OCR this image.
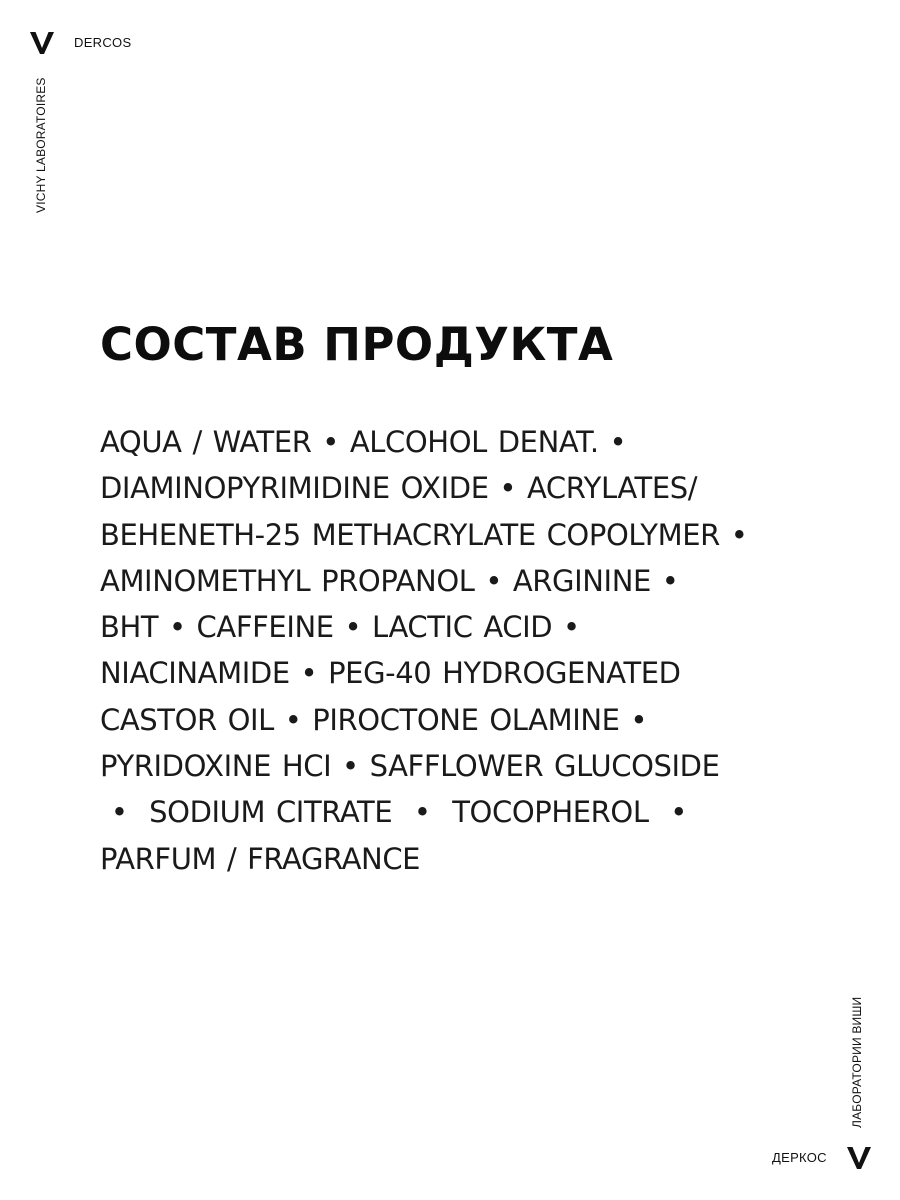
DERCOS
VICHY LABORATOIRES
СОСТАВ ПРОДУКТА
AQUA / WATER • ALCOHOL DENAT. •
DIAMINOPYRIMIDINE OXIDE • ACRYLATES/
BEHENETH-25 METHACRYLATE COPOLYMER •
AMINOMETHYL PROPANOL • ARGININE •
BHT • CAFFEINE • LACTIC ACID •
NIACINAMIDE • PEG-40 HYDROGENATED
CASTOR OIL • PIROCTONE OLAMINE •
PYRIDOXINE HCI • SAFFLOWER GLUCOSIDE
•  SODIUM CITRATE  •  TOCOPHEROL  •
PARFUM / FRAGRANCE
ЛАБОРАТОРИИ ВИШИ
ДЕРКОС
